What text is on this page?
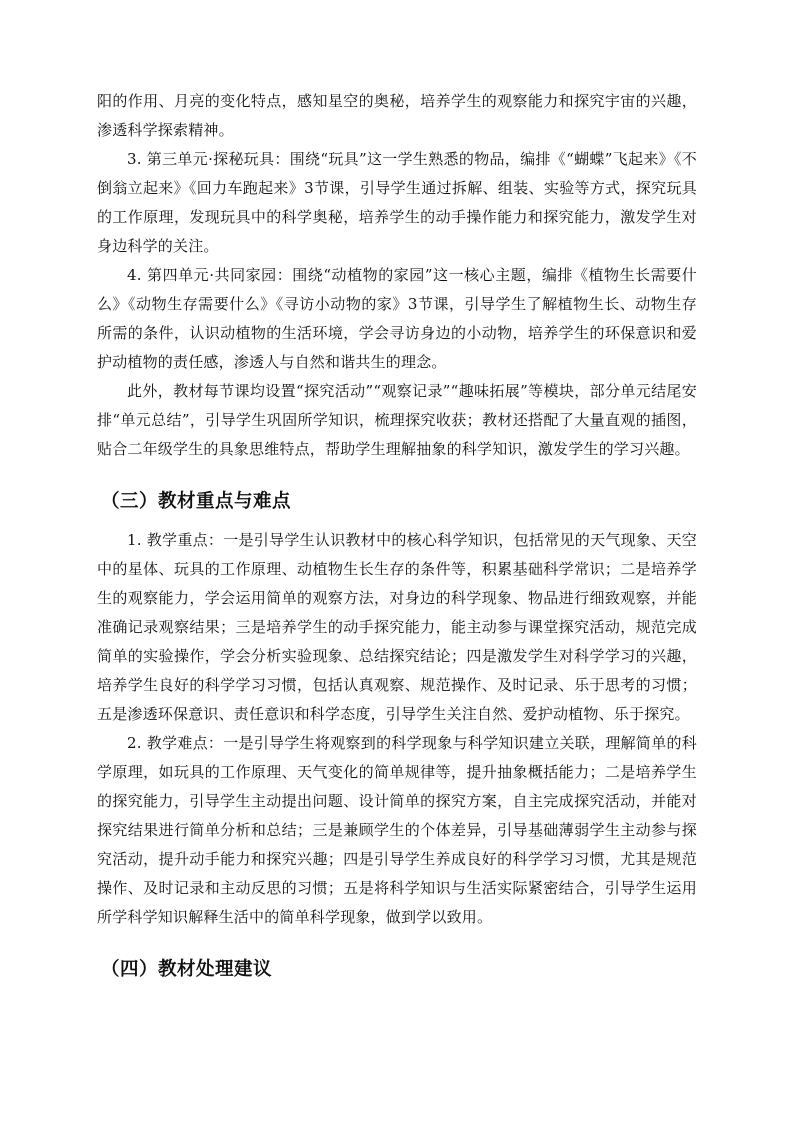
阳的作用、月亮的变化特点，感知星空的奥秘，培养学生的观察能力和探究宇宙的兴趣，渗透科学探索精神。

3. 第三单元·探秘玩具：围绕“玩具”这一学生熟悉的物品，编排《“蝴蝶”飞起来》《不倒翁立起来》《回力车跑起来》3节课，引导学生通过拆解、组装、实验等方式，探究玩具的工作原理，发现玩具中的科学奥秘，培养学生的动手操作能力和探究能力，激发学生对身边科学的关注。

4. 第四单元·共同家园：围绕“动植物的家园”这一核心主题，编排《植物生长需要什么》《动物生存需要什么》《寻访小动物的家》3节课，引导学生了解植物生长、动物生存所需的条件，认识动植物的生活环境，学会寻访身边的小动物，培养学生的环保意识和爱护动植物的责任感，渗透人与自然和谐共生的理念。

此外，教材每节课均设置“探究活动”“观察记录”“趣味拓展”等模块，部分单元结尾安排“单元总结”，引导学生巩固所学知识，梳理探究收获；教材还搭配了大量直观的插图，贴合二年级学生的具象思维特点，帮助学生理解抽象的科学知识，激发学生的学习兴趣。

（三）教材重点与难点

1. 教学重点：一是引导学生认识教材中的核心科学知识，包括常见的天气现象、天空中的星体、玩具的工作原理、动植物生长生存的条件等，积累基础科学常识；二是培养学生的观察能力，学会运用简单的观察方法，对身边的科学现象、物品进行细致观察，并能准确记录观察结果；三是培养学生的动手探究能力，能主动参与课堂探究活动，规范完成简单的实验操作，学会分析实验现象、总结探究结论；四是激发学生对科学学习的兴趣，培养学生良好的科学学习习惯，包括认真观察、规范操作、及时记录、乐于思考的习惯；五是渗透环保意识、责任意识和科学态度，引导学生关注自然、爱护动植物、乐于探究。

2. 教学难点：一是引导学生将观察到的科学现象与科学知识建立关联，理解简单的科学原理，如玩具的工作原理、天气变化的简单规律等，提升抽象概括能力；二是培养学生的探究能力，引导学生主动提出问题、设计简单的探究方案，自主完成探究活动，并能对探究结果进行简单分析和总结；三是兼顾学生的个体差异，引导基础薄弱学生主动参与探究活动，提升动手能力和探究兴趣；四是引导学生养成良好的科学学习习惯，尤其是规范操作、及时记录和主动反思的习惯；五是将科学知识与生活实际紧密结合，引导学生运用所学科学知识解释生活中的简单科学现象，做到学以致用。

（四）教材处理建议
